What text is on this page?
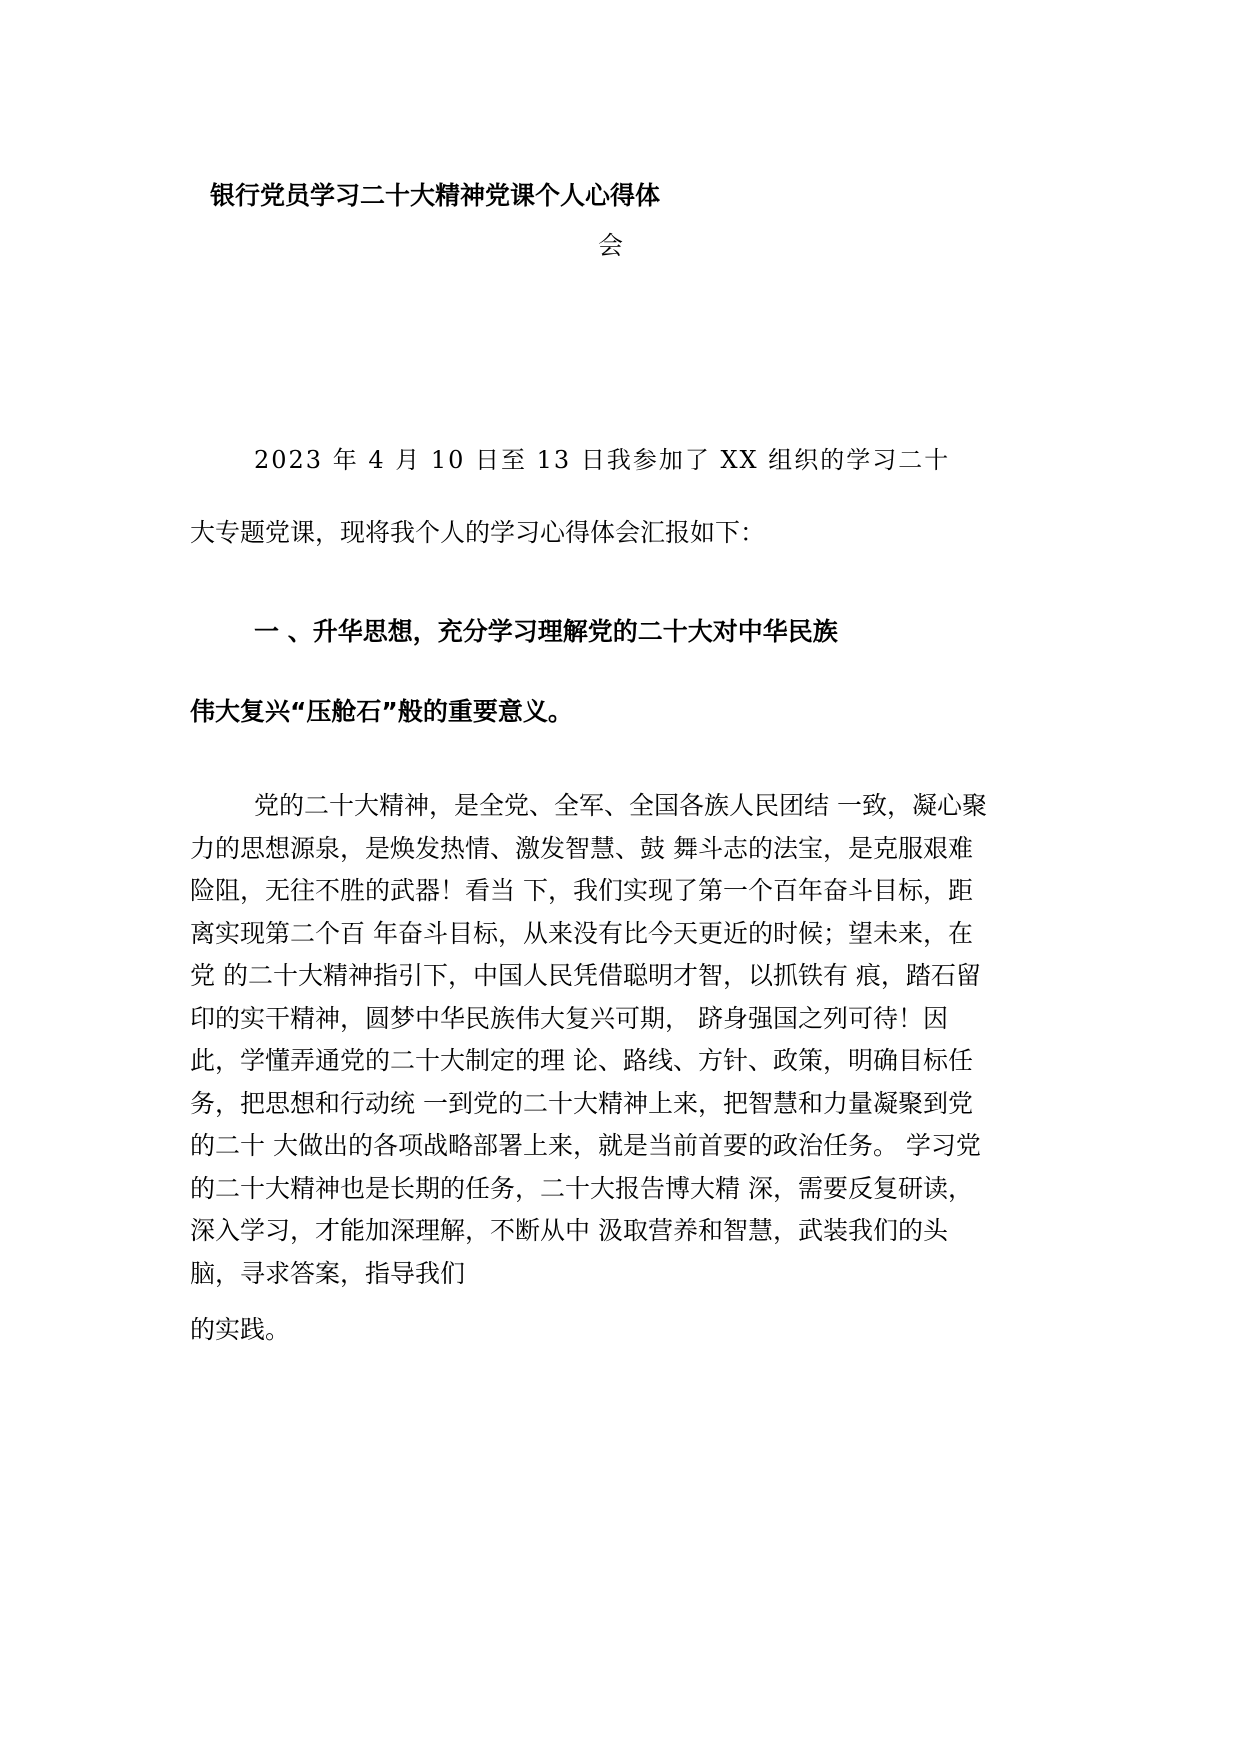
银行党员学习二十大精神党课个人心得体
会
2023 年 4 月 10 日至 13 日我参加了 XX 组织的学习二十
大专题党课，现将我个人的学习心得体会汇报如下：
一 、升华思想，充分学习理解党的二十大对中华民族
伟大复兴“压舱石”般的重要意义。
党的二十大精神，是全党、全军、全国各族人民团结 一致，凝心聚
力的思想源泉，是焕发热情、激发智慧、鼓 舞斗志的法宝，是克服艰难
险阻，无往不胜的武器！看当 下，我们实现了第一个百年奋斗目标，距
离实现第二个百 年奋斗目标，从来没有比今天更近的时候；望未来，在
党 的二十大精神指引下，中国人民凭借聪明才智，以抓铁有 痕，踏石留
印的实干精神，圆梦中华民族伟大复兴可期， 跻身强国之列可待！因
此，学懂弄通党的二十大制定的理 论、路线、方针、政策，明确目标任
务，把思想和行动统 一到党的二十大精神上来，把智慧和力量凝聚到党
的二十 大做出的各项战略部署上来，就是当前首要的政治任务。 学习党
的二十大精神也是长期的任务，二十大报告博大精 深，需要反复研读，
深入学习，才能加深理解，不断从中 汲取营养和智慧，武装我们的头
脑，寻求答案，指导我们
的实践。
